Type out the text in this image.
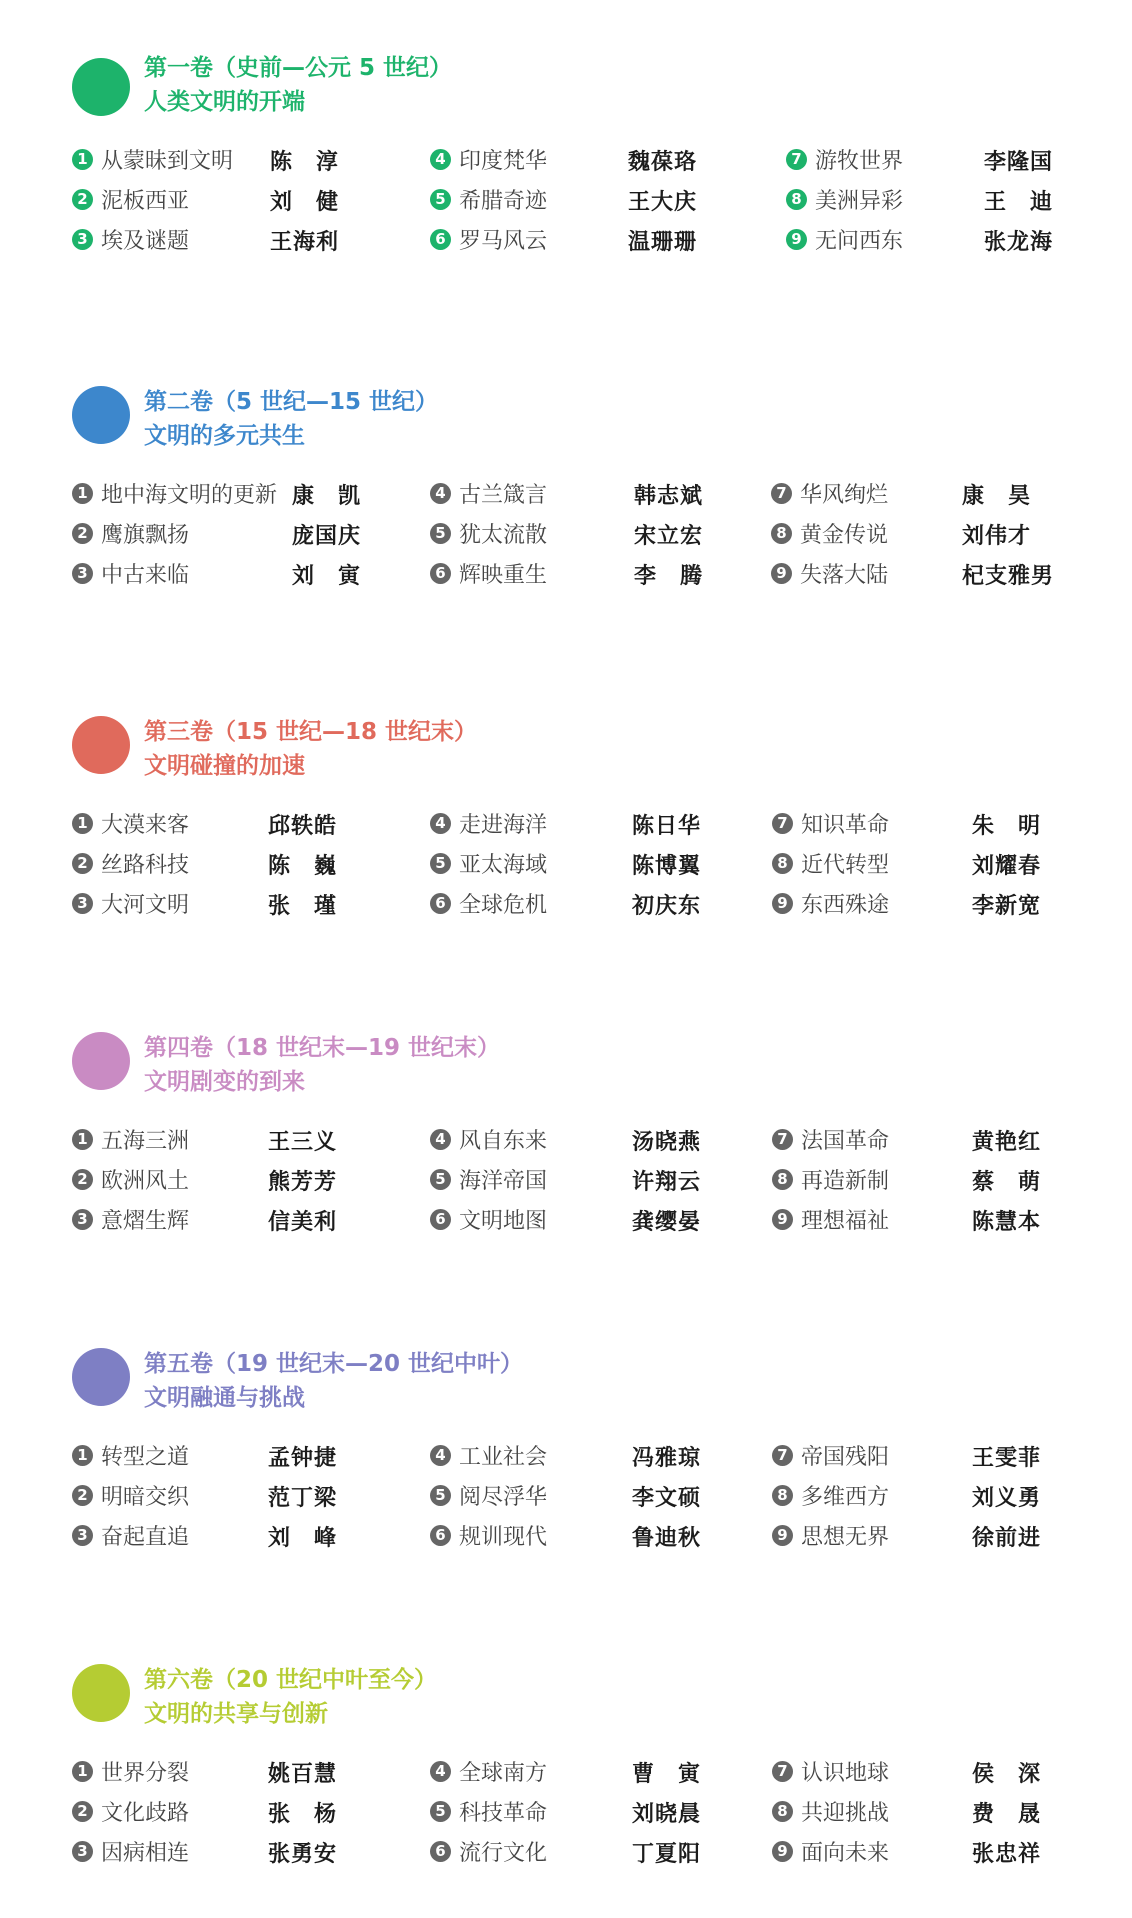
第一卷（史前—公元 5 世纪）
人类文明的开端
1 从蒙昧到文明 陈　淳
2 泥板西亚	刘　健
3 埃及谜题	王海利
4 印度梵华	魏葆珞
5 希腊奇迹	王大庆
6 罗马风云	温珊珊
7 游牧世界	李隆国
8 美洲异彩	王　迪
9 无问西东	张龙海
第二卷（5 世纪—15 世纪）
文明的多元共生
1 地中海文明的更新 康　凯
2 鹰旗飘扬	庞国庆
3 中古来临	刘　寅
4 古兰箴言	韩志斌
5 犹太流散	宋立宏
6 辉映重生	李　腾
7 华风绚烂	康　昊
8 黄金传说	刘伟才
9 失落大陆	杞支雅男
第三卷（15 世纪—18 世纪末）
文明碰撞的加速
1 大漠来客	邱轶皓
2 丝路科技	陈　巍
3 大河文明	张　瑾
4 走进海洋	陈日华
5 亚太海域	陈博翼
6 全球危机	初庆东
7 知识革命	朱　明
8 近代转型	刘耀春
9 东西殊途	李新宽
第四卷（18 世纪末—19 世纪末）
文明剧变的到来
1 五海三洲	王三义
2 欧洲风土	熊芳芳
3 意熠生辉	信美利
4 风自东来	汤晓燕
5 海洋帝国	许翔云
6 文明地图	龚缨晏
7 法国革命	黄艳红
8 再造新制	蔡　萌
9 理想福祉	陈慧本
第五卷（19 世纪末—20 世纪中叶）
文明融通与挑战
1 转型之道	孟钟捷
2 明暗交织	范丁梁
3 奋起直追	刘　峰
4 工业社会	冯雅琼
5 阅尽浮华	李文硕
6 规训现代	鲁迪秋
7 帝国残阳	王雯菲
8 多维西方	刘义勇
9 思想无界	徐前进
第六卷（20 世纪中叶至今）
文明的共享与创新
1 世界分裂	姚百慧
2 文化歧路	张　杨
3 因病相连	张勇安
4 全球南方	曹　寅
5 科技革命	刘晓晨
6 流行文化	丁夏阳
7 认识地球	侯　深
8 共迎挑战	费　晟
9 面向未来	张忠祥
